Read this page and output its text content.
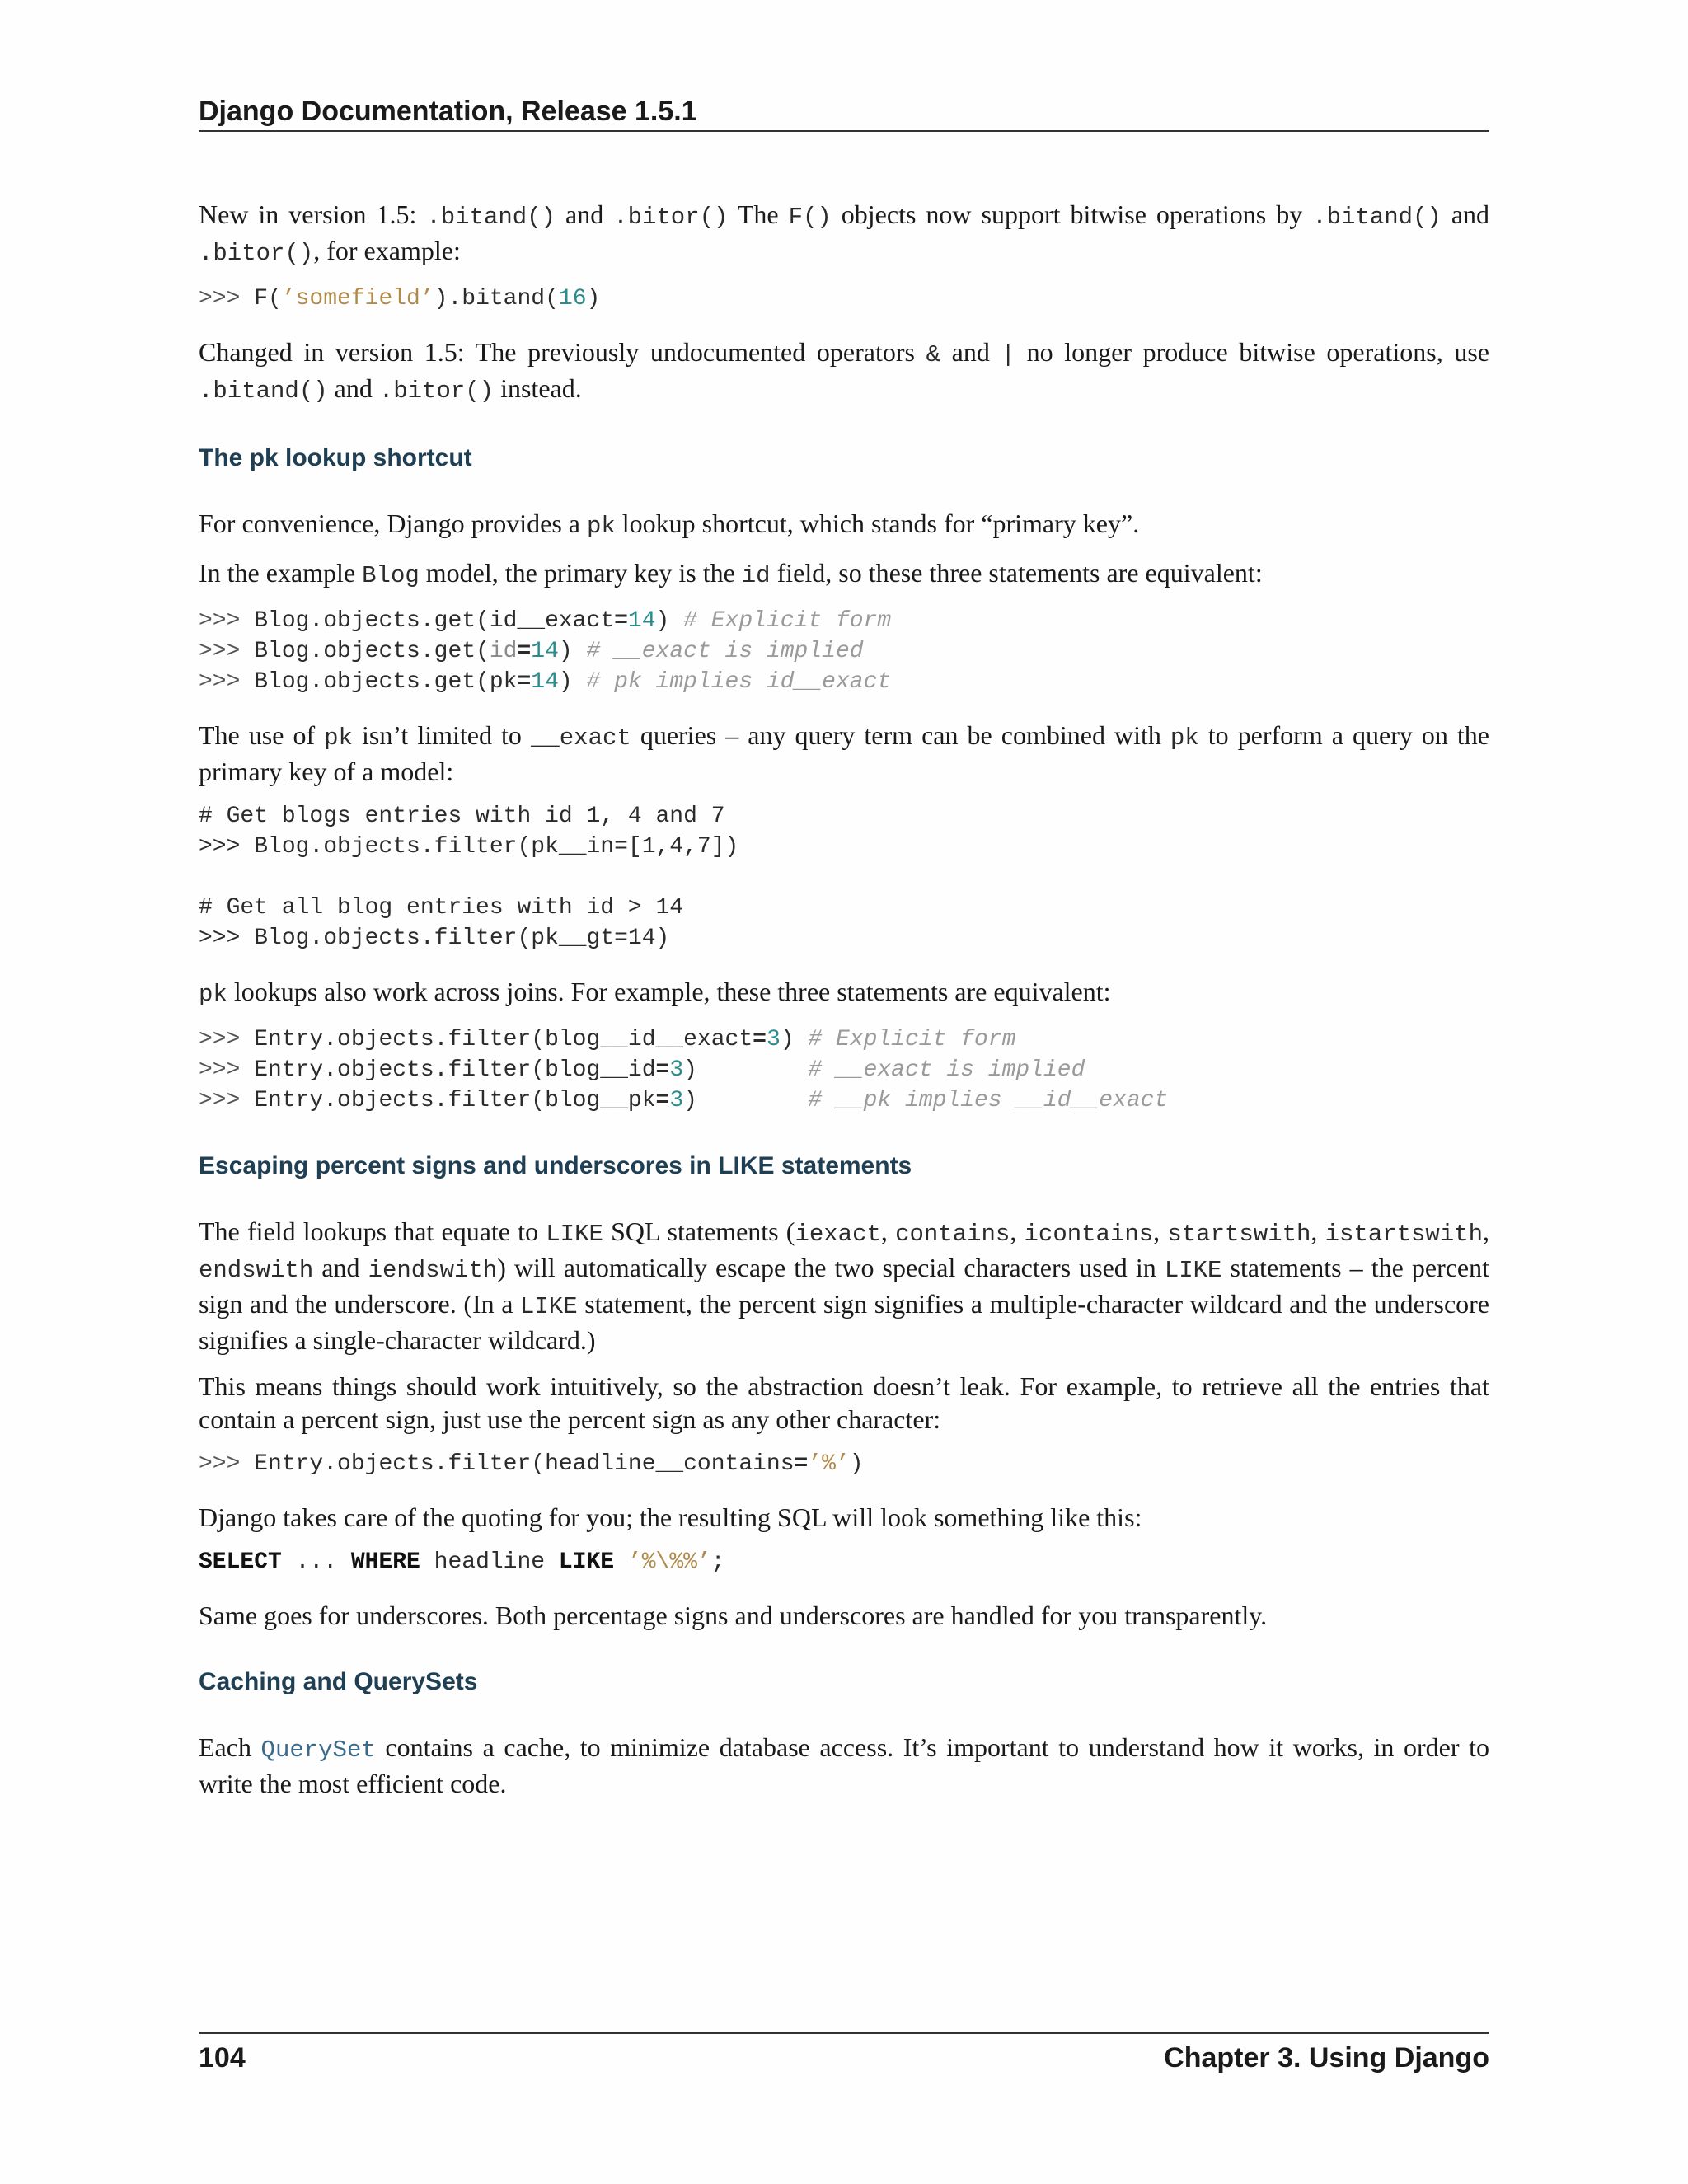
Django Documentation, Release 1.5.1

New in version 1.5: .bitand() and .bitor() The F() objects now support bitwise operations by .bitand() and .bitor(), for example:

>>> F(’somefield’).bitand(16)

Changed in version 1.5: The previously undocumented operators & and | no longer produce bitwise operations, use .bitand() and .bitor() instead.

The pk lookup shortcut

For convenience, Django provides a pk lookup shortcut, which stands for “primary key”.

In the example Blog model, the primary key is the id field, so these three statements are equivalent:

>>> Blog.objects.get(id__exact=14) # Explicit form
>>> Blog.objects.get(id=14) # __exact is implied
>>> Blog.objects.get(pk=14) # pk implies id__exact

The use of pk isn’t limited to __exact queries – any query term can be combined with pk to perform a query on the primary key of a model:

# Get blogs entries with id 1, 4 and 7
>>> Blog.objects.filter(pk__in=[1,4,7])

# Get all blog entries with id > 14
>>> Blog.objects.filter(pk__gt=14)

pk lookups also work across joins. For example, these three statements are equivalent:

>>> Entry.objects.filter(blog__id__exact=3) # Explicit form
>>> Entry.objects.filter(blog__id=3)	# __exact is implied
>>> Entry.objects.filter(blog__pk=3)	# __pk implies __id__exact
Escaping percent signs and underscores in LIKE statements

The field lookups that equate to LIKE SQL statements (iexact, contains, icontains, startswith, istartswith, endswith and iendswith) will automatically escape the two special characters used in LIKE statements – the percent sign and the underscore. (In a LIKE statement, the percent sign signifies a multiple-character wildcard and the underscore signifies a single-character wildcard.)

This means things should work intuitively, so the abstraction doesn’t leak. For example, to retrieve all the entries that contain a percent sign, just use the percent sign as any other character:

>>> Entry.objects.filter(headline__contains=’%’)

Django takes care of the quoting for you; the resulting SQL will look something like this:

SELECT ... WHERE headline LIKE ’%\%%’;

Same goes for underscores. Both percentage signs and underscores are handled for you transparently.

Caching and QuerySets

Each QuerySet contains a cache, to minimize database access. It’s important to understand how it works, in order to write the most efficient code.

104	Chapter 3. Using Django
